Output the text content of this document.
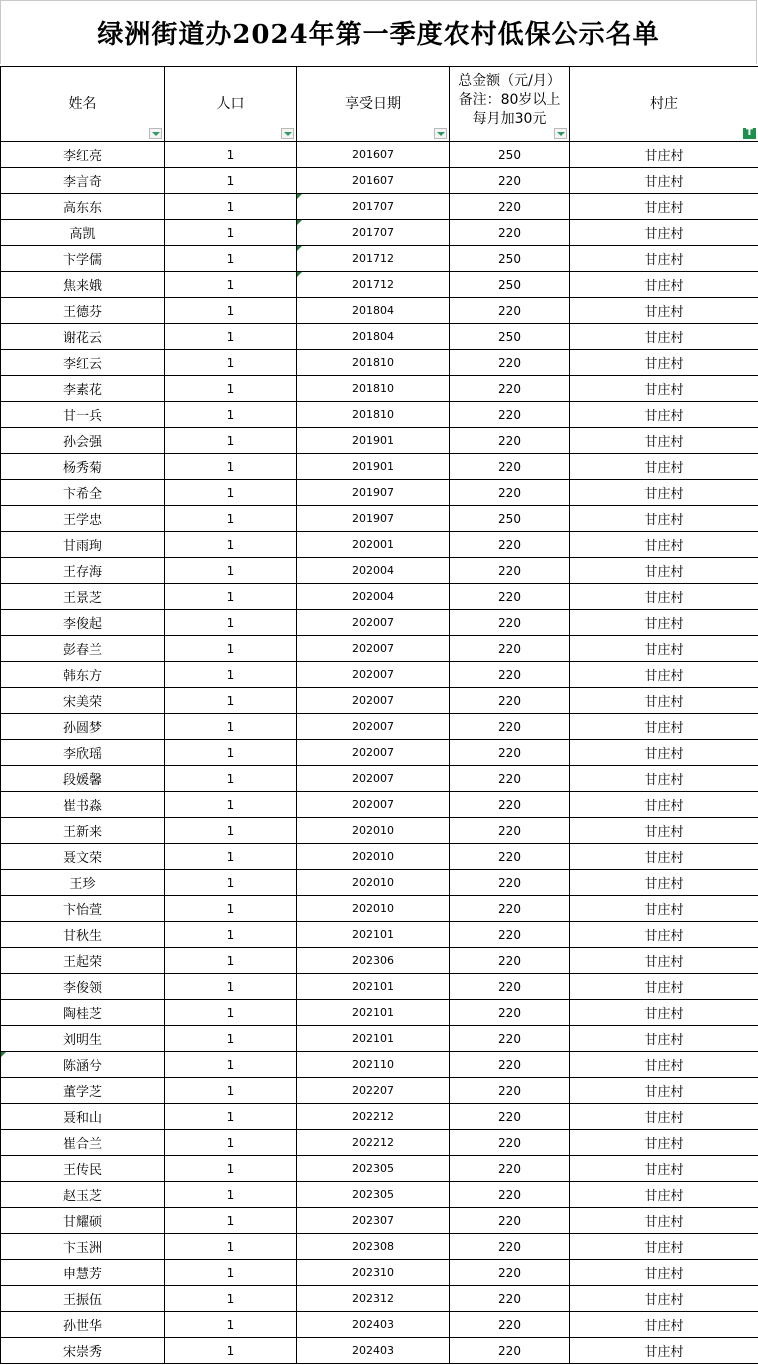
绿洲街道办2024年第一季度农村低保公示名单
姓名	人口	享受日期	总金额（元/月）备注：80岁以上每月加30元	村庄
T

李红亮	1	201607	250	甘庄村
李言奇	1	201607	220	甘庄村
高东东	1	201707	220	甘庄村
高凯	1	201707	220	甘庄村
卞学儒	1	201712	250	甘庄村
焦来娥	1	201712	250	甘庄村
王德芬	1	201804	220	甘庄村
谢花云	1	201804	250	甘庄村
李红云	1	201810	220	甘庄村
李素花	1	201810	220	甘庄村
甘一兵	1	201810	220	甘庄村
孙会强	1	201901	220	甘庄村
杨秀菊	1	201901	220	甘庄村
卞希全	1	201907	220	甘庄村
王学忠	1	201907	250	甘庄村
甘雨珣	1	202001	220	甘庄村
王存海	1	202004	220	甘庄村
王景芝	1	202004	220	甘庄村
李俊起	1	202007	220	甘庄村
彭春兰	1	202007	220	甘庄村
韩东方	1	202007	220	甘庄村
宋美荣	1	202007	220	甘庄村
孙圆梦	1	202007	220	甘庄村
李欣瑶	1	202007	220	甘庄村
段媛馨	1	202007	220	甘庄村
崔书淼	1	202007	220	甘庄村
王新来	1	202010	220	甘庄村
聂文荣	1	202010	220	甘庄村
王珍	1	202010	220	甘庄村
卞怡萱	1	202010	220	甘庄村
甘秋生	1	202101	220	甘庄村
王起荣	1	202306	220	甘庄村
李俊领	1	202101	220	甘庄村
陶桂芝	1	202101	220	甘庄村
刘明生	1	202101	220	甘庄村

陈涵兮	1	202110	220	甘庄村
董学芝	1	202207	220	甘庄村
聂和山	1	202212	220	甘庄村
崔合兰	1	202212	220	甘庄村
王传民	1	202305	220	甘庄村
赵玉芝	1	202305	220	甘庄村
甘耀硕	1	202307	220	甘庄村
卞玉洲	1	202308	220	甘庄村
申慧芳	1	202310	220	甘庄村
王振伍	1	202312	220	甘庄村
孙世华	1	202403	220	甘庄村
宋崇秀	1	202403	220	甘庄村
